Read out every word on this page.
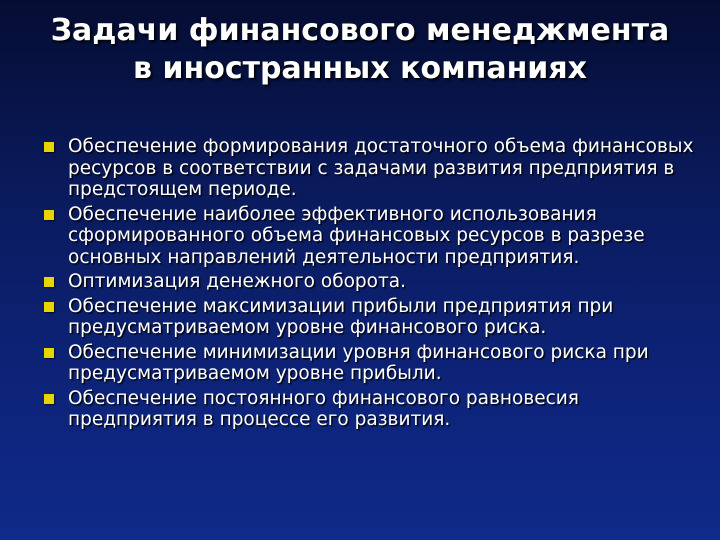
Задачи финансового менеджмента в иностранных компаниях
Обеспечение формирования достаточного объема финансовых ресурсов в соответствии с задачами развития предприятия в предстоящем периоде.
Обеспечение наиболее эффективного использования сформированного объема финансовых ресурсов в разрезе основных направлений деятельности предприятия.
Оптимизация денежного оборота.
Обеспечение максимизации прибыли предприятия при предусматриваемом уровне финансового риска.
Обеспечение минимизации уровня финансового риска при предусматриваемом уровне прибыли.
Обеспечение постоянного финансового равновесия предприятия в процессе его развития.
